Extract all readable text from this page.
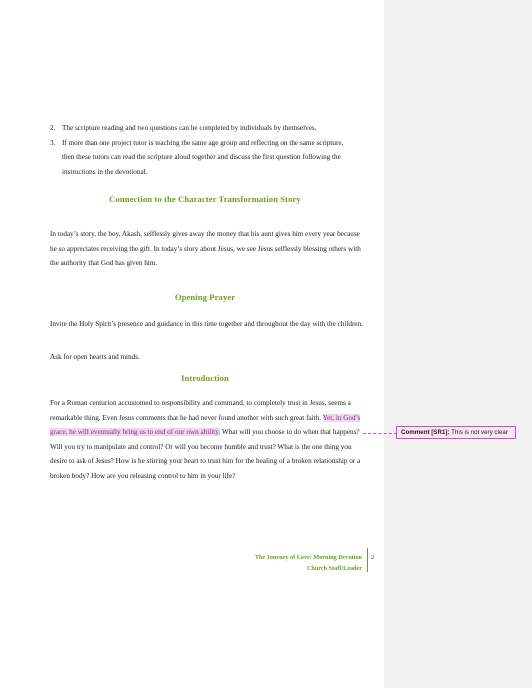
2. The scripture reading and two questions can be completed by individuals by themselves.
3. If more than one project tutor is teaching the same age group and reflecting on the same scripture, then these tutors can read the scripture aloud together and discuss the first question following the instructions in the devotional.
Connection to the Character Transformation Story

In today’s story, the boy, Akash, selflessly gives away the money that his aunt gives him every year because he so appreciates receiving the gift. In today’s story about Jesus, we see Jesus selflessly blessing others with the authority that God has given him.

Opening Prayer

Invite the Holy Spirit’s presence and guidance in this time together and throughout the day with the children.

Ask for open hearts and minds.

Introduction

For a Roman centurion accustomed to responsibility and command, to completely trust in Jesus, seems a remarkable thing. Even Jesus comments that he had never found another with such great faith. Yet, in God’s grace, he will eventually bring us to end of our own ability. What will you choose to do when that happens? Will you try to manipulate and control? Or will you become humble and trust? What is the one thing you desire to ask of Jesus? How is he stirring your heart to trust him for the healing of a broken relationship or a broken body? How are you releasing control to him in your life?

The Journey of Love: Morning Devotion
Church Staff/Leader
2
Comment [SR1]: This is not very clear
